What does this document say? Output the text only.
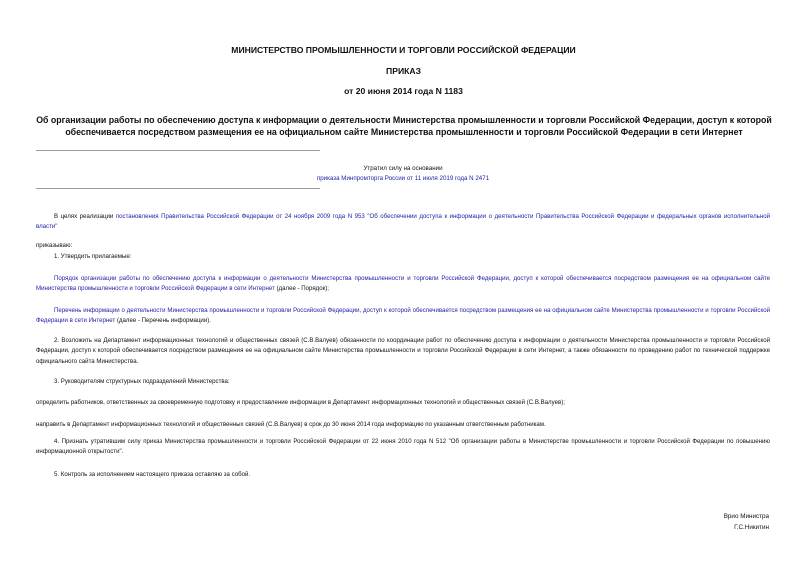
МИНИСТЕРСТВО ПРОМЫШЛЕННОСТИ И ТОРГОВЛИ РОССИЙСКОЙ ФЕДЕРАЦИИ
ПРИКАЗ
от 20 июня 2014 года N 1183
Об организации работы по обеспечению доступа к информации о деятельности Министерства промышленности и торговли Российской Федерации, доступ к которой обеспечивается посредством размещения ее на официальном сайте Министерства промышленности и торговли Российской Федерации в сети Интернет
Утратил силу на основании
приказа Минпромторга России от 11 июля 2019 года N 2471
В целях реализации постановления Правительства Российской Федерации от 24 ноября 2009 года N 953 "Об обеспечении доступа к информации о деятельности Правительства Российской Федерации и федеральных органов исполнительной власти"
приказываю:
1. Утвердить прилагаемые:
Порядок организации работы по обеспечению доступа к информации о деятельности Министерства промышленности и торговли Российской Федерации, доступ к которой обеспечивается посредством размещения ее на официальном сайте Министерства промышленности и торговли Российской Федерации в сети Интернет (далее - Порядок);
Перечень информации о деятельности Министерства промышленности и торговли Российской Федерации, доступ к которой обеспечивается посредством размещения ее на официальном сайте Министерства промышленности и торговли Российской Федерации в сети Интернет (далее - Перечень информации).
2. Возложить на Департамент информационных технологий и общественных связей (С.В.Валуев) обязанности по координации работ по обеспечению доступа к информации о деятельности Министерства промышленности и торговли Российской Федерации, доступ к которой обеспечивается посредством размещения ее на официальном сайте Министерства промышленности и торговли Российской Федерации в сети Интернет, а также обязанности по проведению работ по технической поддержке официального сайта Министерства.
3. Руководителям структурных подразделений Министерства:
определить работников, ответственных за своевременную подготовку и предоставление информации в Департамент информационных технологий и общественных связей (С.В.Валуев);
направить в Департамент информационных технологий и общественных связей (С.В.Валуев) в срок до 30 июня 2014 года информацию по указанным ответственным работникам.
4. Признать утратившим силу приказ Министерства промышленности и торговли Российской Федерации от 22 июня 2010 года N 512 "Об организации работы в Министерстве промышленности и торговли Российской Федерации по повышению информационной открытости".
5. Контроль за исполнением настоящего приказа оставляю за собой.
Врио Министра
Г.С.Никитин
